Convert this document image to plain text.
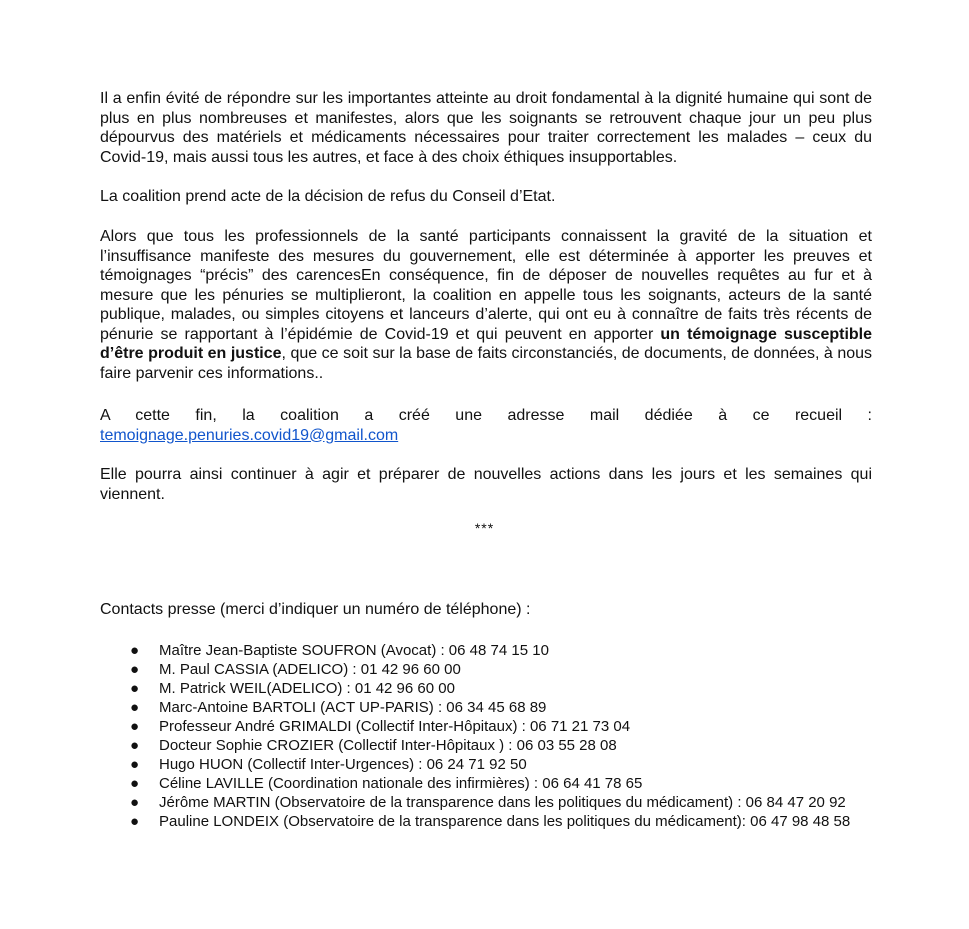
Il a enfin évité de répondre sur les importantes atteinte au droit fondamental à la dignité humaine qui sont de plus en plus nombreuses et manifestes, alors que les soignants se retrouvent chaque jour un peu plus dépourvus des matériels et médicaments nécessaires pour traiter correctement les malades – ceux du Covid-19, mais aussi tous les autres, et face à des choix éthiques insupportables.

La coalition prend acte de la décision de refus du Conseil d’Etat.

Alors que tous les professionnels de la santé participants connaissent la gravité de la situation et l’insuffisance manifeste des mesures du gouvernement, elle est déterminée à apporter les preuves et témoignages “précis” des carencesEn conséquence, fin de déposer de nouvelles requêtes au fur et à mesure que les pénuries se multiplieront, la coalition en appelle tous les soignants, acteurs de la santé publique, malades, ou simples citoyens et lanceurs d’alerte, qui ont eu à connaître de faits très récents de pénurie se rapportant à l’épidémie de Covid-19 et qui peuvent en apporter un témoignage susceptible d’être produit en justice, que ce soit sur la base de faits circonstanciés, de documents, de données, à nous faire parvenir ces informations..

A cette fin, la coalition a créé une adresse mail dédiée à ce recueil : temoignage.penuries.covid19@gmail.com

Elle pourra ainsi continuer à agir et préparer de nouvelles actions dans les jours et les semaines qui viennent.

***

Contacts presse (merci d’indiquer un numéro de téléphone) :

● Maître Jean-Baptiste SOUFRON (Avocat) : 06 48 74 15 10
● M. Paul CASSIA (ADELICO) : 01 42 96 60 00
● M. Patrick WEIL(ADELICO) : 01 42 96 60 00
● Marc-Antoine BARTOLI (ACT UP-PARIS) : 06 34 45 68 89
● Professeur André GRIMALDI (Collectif Inter-Hôpitaux) : 06 71 21 73 04
● Docteur Sophie CROZIER (Collectif Inter-Hôpitaux ) : 06 03 55 28 08
● Hugo HUON (Collectif Inter-Urgences) : 06 24 71 92 50
● Céline LAVILLE (Coordination nationale des infirmières) : 06 64 41 78 65
● Jérôme MARTIN (Observatoire de la transparence dans les politiques du médicament) : 06 84 47 20 92
● Pauline LONDEIX (Observatoire de la transparence dans les politiques du médicament): 06 47 98 48 58
